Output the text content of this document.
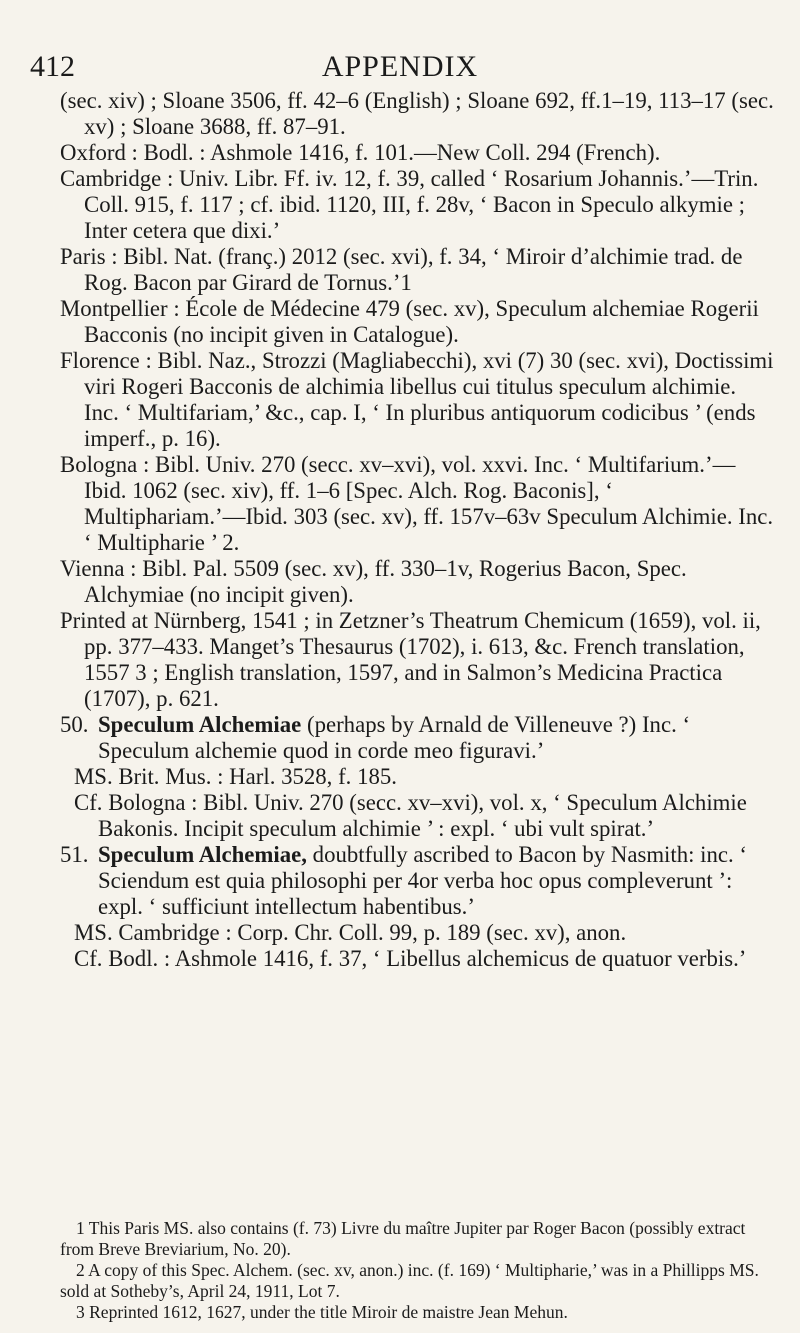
412	APPENDIX

(sec. xiv) ; Sloane 3506, ff. 42–6 (English) ; Sloane 692, ff.1–19, 113–17 (sec. xv) ; Sloane 3688, ff. 87–91.

Oxford : Bodl. : Ashmole 1416, f. 101.—New Coll. 294 (French).

Cambridge : Univ. Libr. Ff. iv. 12, f. 39, called ‘ Rosarium Johannis.’—Trin. Coll. 915, f. 117 ; cf. ibid. 1120, III, f. 28v, ‘ Bacon in Speculo alkymie ; Inter cetera que dixi.’

Paris : Bibl. Nat. (franç.) 2012 (sec. xvi), f. 34, ‘ Miroir d’alchimie trad. de Rog. Bacon par Girard de Tornus.’1

Montpellier : École de Médecine 479 (sec. xv), Speculum alchemiae Rogerii Bacconis (no incipit given in Catalogue).

Florence : Bibl. Naz., Strozzi (Magliabecchi), xvi (7) 30 (sec. xvi), Doctissimi viri Rogeri Bacconis de alchimia libellus cui titulus speculum alchimie. Inc. ‘ Multifariam,’ &c., cap. I, ‘ In pluribus antiquorum codicibus ’ (ends imperf., p. 16).

Bologna : Bibl. Univ. 270 (secc. xv–xvi), vol. xxvi. Inc. ‘ Multifarium.’—Ibid. 1062 (sec. xiv), ff. 1–6 [Spec. Alch. Rog. Baconis], ‘ Multiphariam.’—Ibid. 303 (sec. xv), ff. 157v–63v Speculum Alchimie. Inc. ‘ Multipharie ’ 2.

Vienna : Bibl. Pal. 5509 (sec. xv), ff. 330–1v, Rogerius Bacon, Spec. Alchymiae (no incipit given).

Printed at Nürnberg, 1541 ; in Zetzner’s Theatrum Chemicum (1659), vol. ii, pp. 377–433. Manget’s Thesaurus (1702), i. 613, &c. French translation, 1557 3 ; English translation, 1597, and in Salmon’s Medicina Practica (1707), p. 621.

50. Speculum Alchemiae (perhaps by Arnald de Villeneuve ?) Inc. ‘ Speculum alchemie quod in corde meo figuravi.’

MS. Brit. Mus. : Harl. 3528, f. 185.

Cf. Bologna : Bibl. Univ. 270 (secc. xv–xvi), vol. x, ‘ Speculum Alchimie Bakonis. Incipit speculum alchimie ’ : expl. ‘ ubi vult spirat.’

51. Speculum Alchemiae, doubtfully ascribed to Bacon by Nasmith: inc. ‘ Sciendum est quia philosophi per 4or verba hoc opus compleverunt ’: expl. ‘ sufficiunt intellectum habentibus.’

MS. Cambridge : Corp. Chr. Coll. 99, p. 189 (sec. xv), anon.

Cf. Bodl. : Ashmole 1416, f. 37, ‘ Libellus alchemicus de quatuor verbis.’

1 This Paris MS. also contains (f. 73) Livre du maître Jupiter par Roger Bacon (possibly extract from Breve Breviarium, No. 20).

2 A copy of this Spec. Alchem. (sec. xv, anon.) inc. (f. 169) ‘ Multipharie,’ was in a Phillipps MS. sold at Sotheby’s, April 24, 1911, Lot 7.

3 Reprinted 1612, 1627, under the title Miroir de maistre Jean Mehun.
